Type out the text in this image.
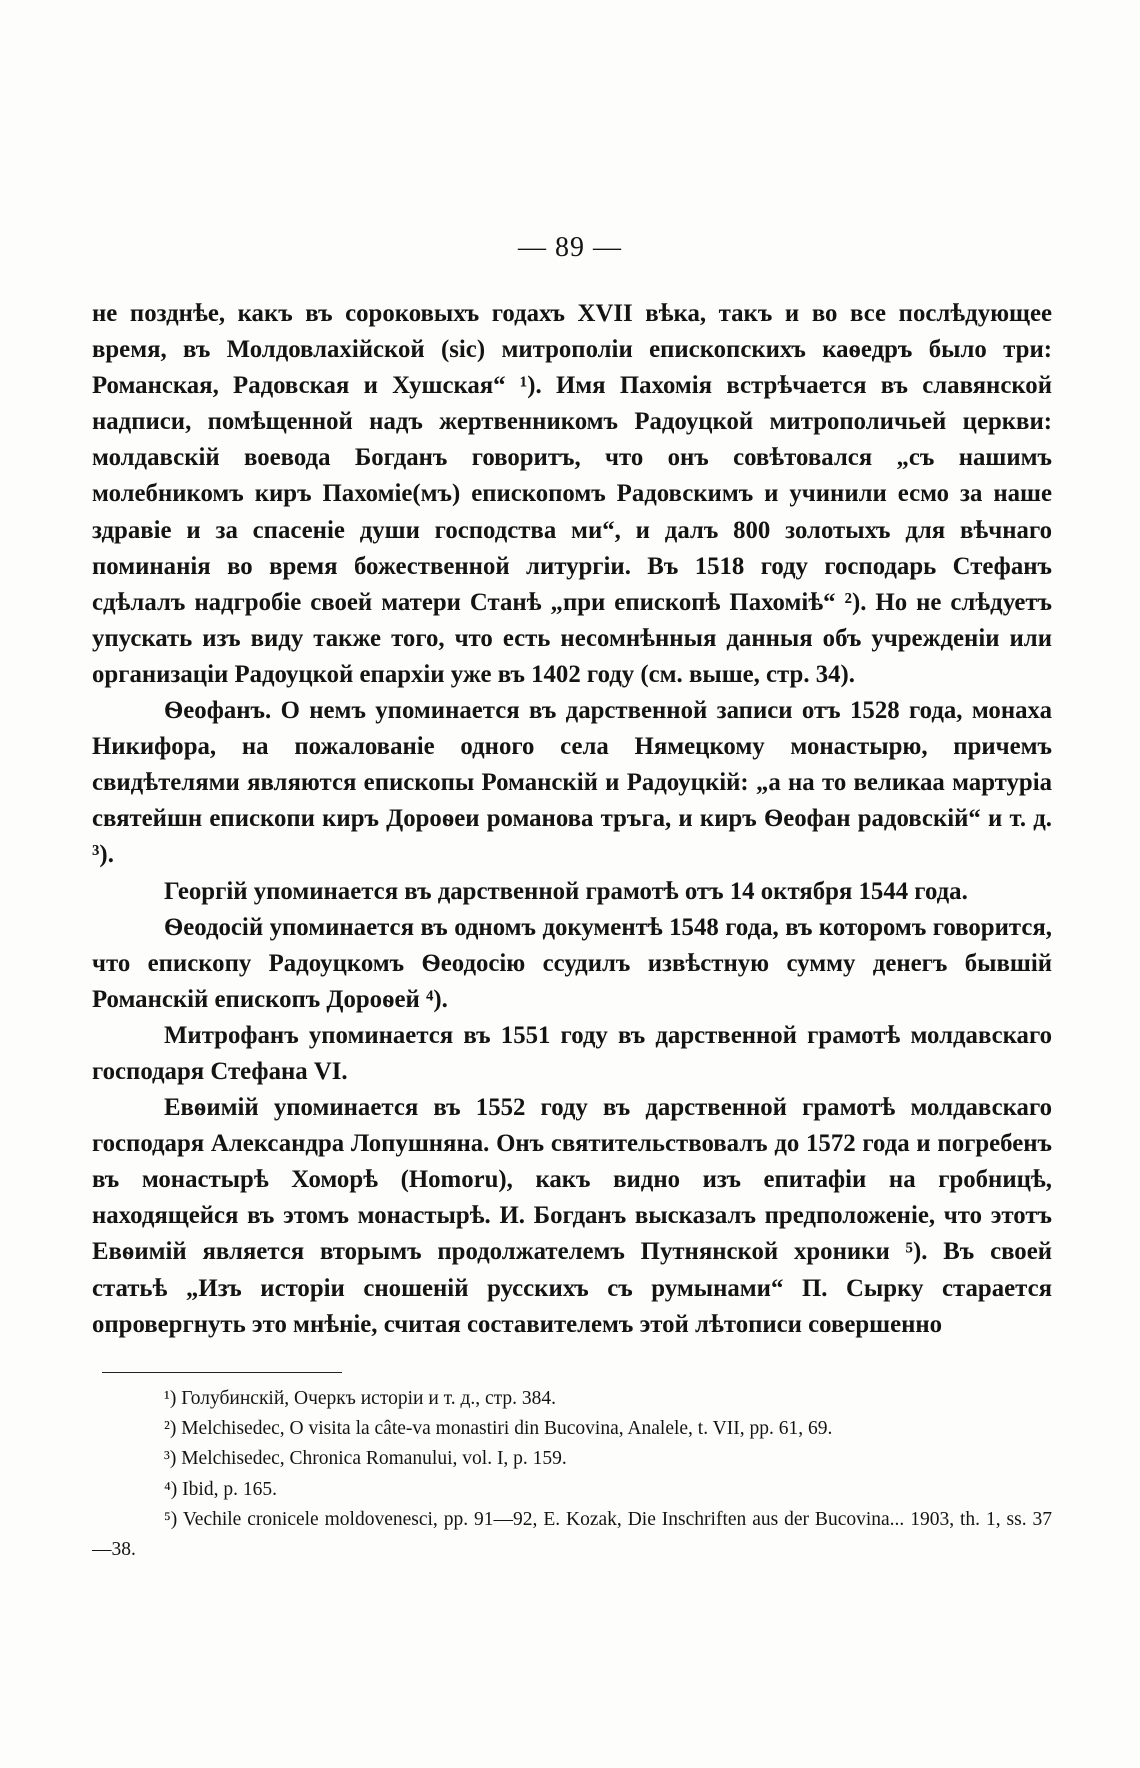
— 89 —

не позднѣе, какъ въ сороковыхъ годахъ XVII вѣка, такъ и во все послѣдующее время, въ Молдовлахійской (sic) митрополіи епископскихъ каѳедръ было три: Романская, Радовская и Хушская“ ¹). Имя Пахомія встрѣчается въ славянской надписи, помѣщенной надъ жертвенникомъ Радоуцкой митрополичьей церкви: молдавскій воевода Богданъ говоритъ, что онъ совѣтовался „съ нашимъ молебникомъ киръ Пахоміе(мъ) епископомъ Радовскимъ и учинили есмо за наше здравіе и за спасеніе души господства ми“, и далъ 800 золотыхъ для вѣчнаго поминанія во время божественной литургіи. Въ 1518 году господарь Стефанъ сдѣлалъ надгробіе своей матери Станѣ „при епископѣ Пахоміѣ“ ²). Но не слѣдуетъ упускать изъ виду также того, что есть несомнѣнныя данныя объ учрежденіи или организаціи Радоуцкой епархіи уже въ 1402 году (см. выше, стр. 34).

Ѳеофанъ. О немъ упоминается въ дарственной записи отъ 1528 года, монаха Никифора, на пожалованіе одного села Нямецкому монастырю, причемъ свидѣтелями являются епископы Романскій и Радоуцкій: „а на то великаа мартуріа святейшн епископи киръ Дороѳеи романова тръга, и киръ Ѳеофан радовскій“ и т. д. ³).

Георгій упоминается въ дарственной грамотѣ отъ 14 октября 1544 года.

Ѳеодосій упоминается въ одномъ документѣ 1548 года, въ которомъ говорится, что епископу Радоуцкомъ Ѳеодосію ссудилъ извѣстную сумму денегъ бывшій Романскій епископъ Дороѳей ⁴).

Митрофанъ упоминается въ 1551 году въ дарственной грамотѣ молдавскаго господаря Стефана VI.

Евѳимій упоминается въ 1552 году въ дарственной грамотѣ молдавскаго господаря Александра Лопушняна. Онъ святительствовалъ до 1572 года и погребенъ въ монастырѣ Хоморѣ (Homoru), какъ видно изъ епитафіи на гробницѣ, находящейся въ этомъ монастырѣ. И. Богданъ высказалъ предположеніе, что этотъ Евѳимій является вторымъ продолжателемъ Путнянской хроники ⁵). Въ своей статьѣ „Изъ исторіи сношеній русскихъ съ румынами“ П. Сырку старается опровергнуть это мнѣніе, считая составителемъ этой лѣтописи совершенно

¹) Голубинскій, Очеркъ исторіи и т. д., стр. 384.

²) Melchisedec, O visita la câte-va monastiri din Bucovina, Analele, t. VII, pp. 61, 69.

³) Melchisedec, Chronica Romanului, vol. I, p. 159.

⁴) Ibid, p. 165.

⁵) Vechile cronicele moldovenesci, pp. 91—92, E. Kozak, Die Inschriften aus der Bucovina... 1903, th. 1, ss. 37—38.
